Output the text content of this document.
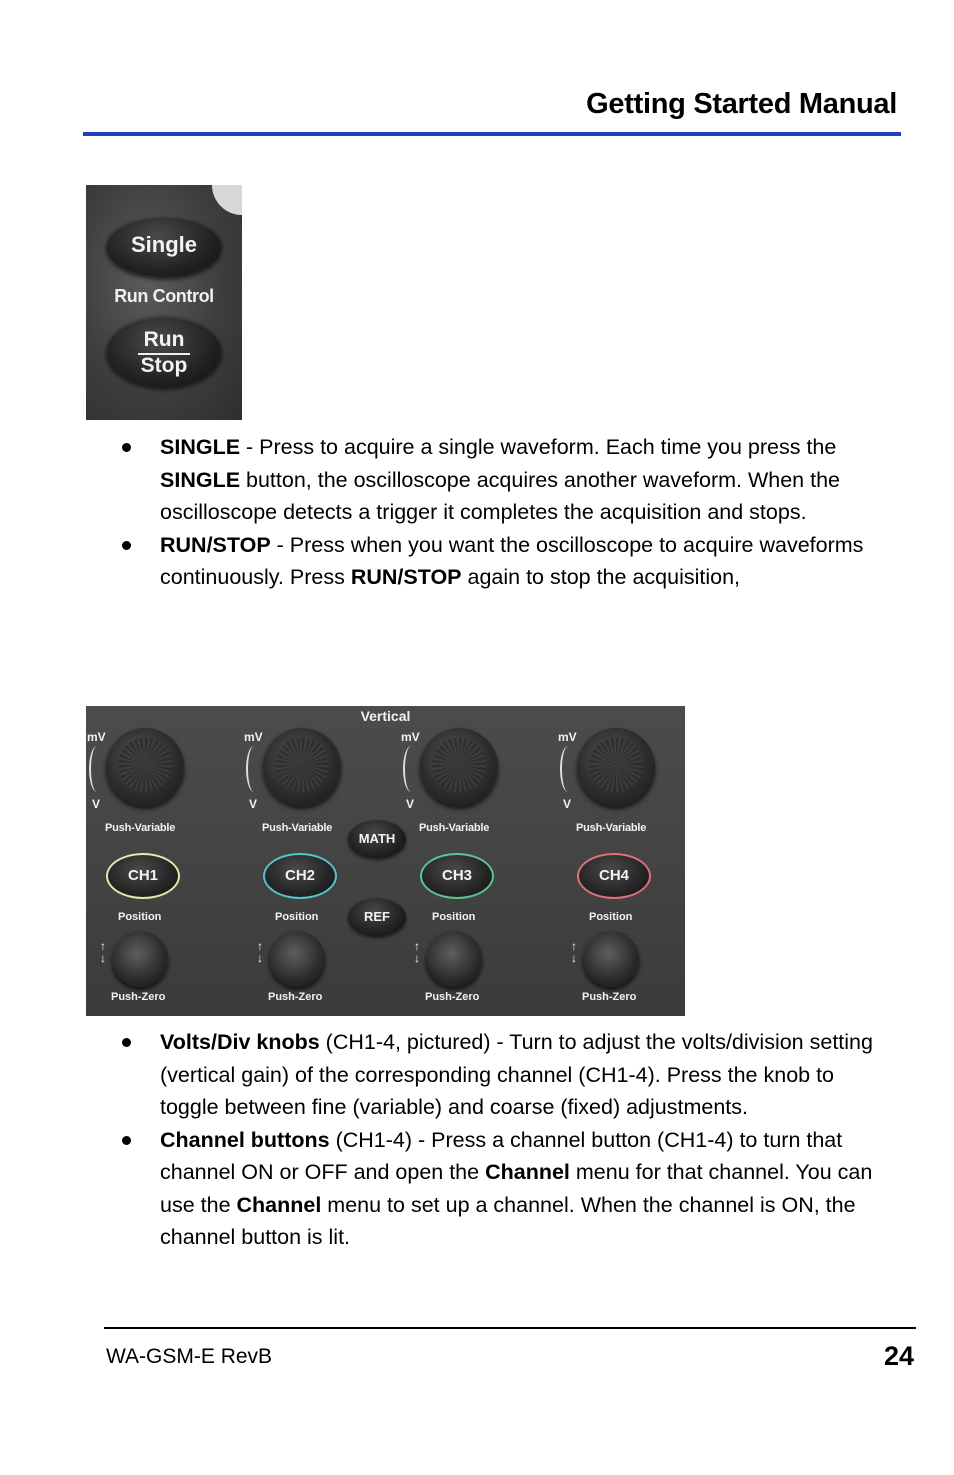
Getting Started Manual
Single
Run Control
Run
Stop
SINGLE - Press to acquire a single waveform. Each time you press the SINGLE button, the oscilloscope acquires another waveform. When the oscilloscope detects a trigger it completes the acquisition and stops.
RUN/STOP - Press when you want the oscilloscope to acquire waveforms continuously. Press RUN/STOP again to stop the acquisition,
Vertical
mV
V
Push-Variable
CH1
Position
↑
↓
Push-Zero
mV
V
Push-Variable
CH2
Position
↑
↓
Push-Zero
mV
V
Push-Variable
CH3
Position
↑
↓
Push-Zero
mV
V
Push-Variable
CH4
Position
↑
↓
Push-Zero
MATH
REF
Volts/Div knobs (CH1-4, pictured) - Turn to adjust the volts/division setting (vertical gain) of the corresponding channel (CH1-4). Press the knob to toggle between fine (variable) and coarse (fixed) adjustments.
Channel buttons (CH1-4) - Press a channel button (CH1-4) to turn that channel ON or OFF and open the Channel menu for that channel. You can use the Channel menu to set up a channel. When the channel is ON, the channel button is lit.
WA-GSM-E RevB	24
